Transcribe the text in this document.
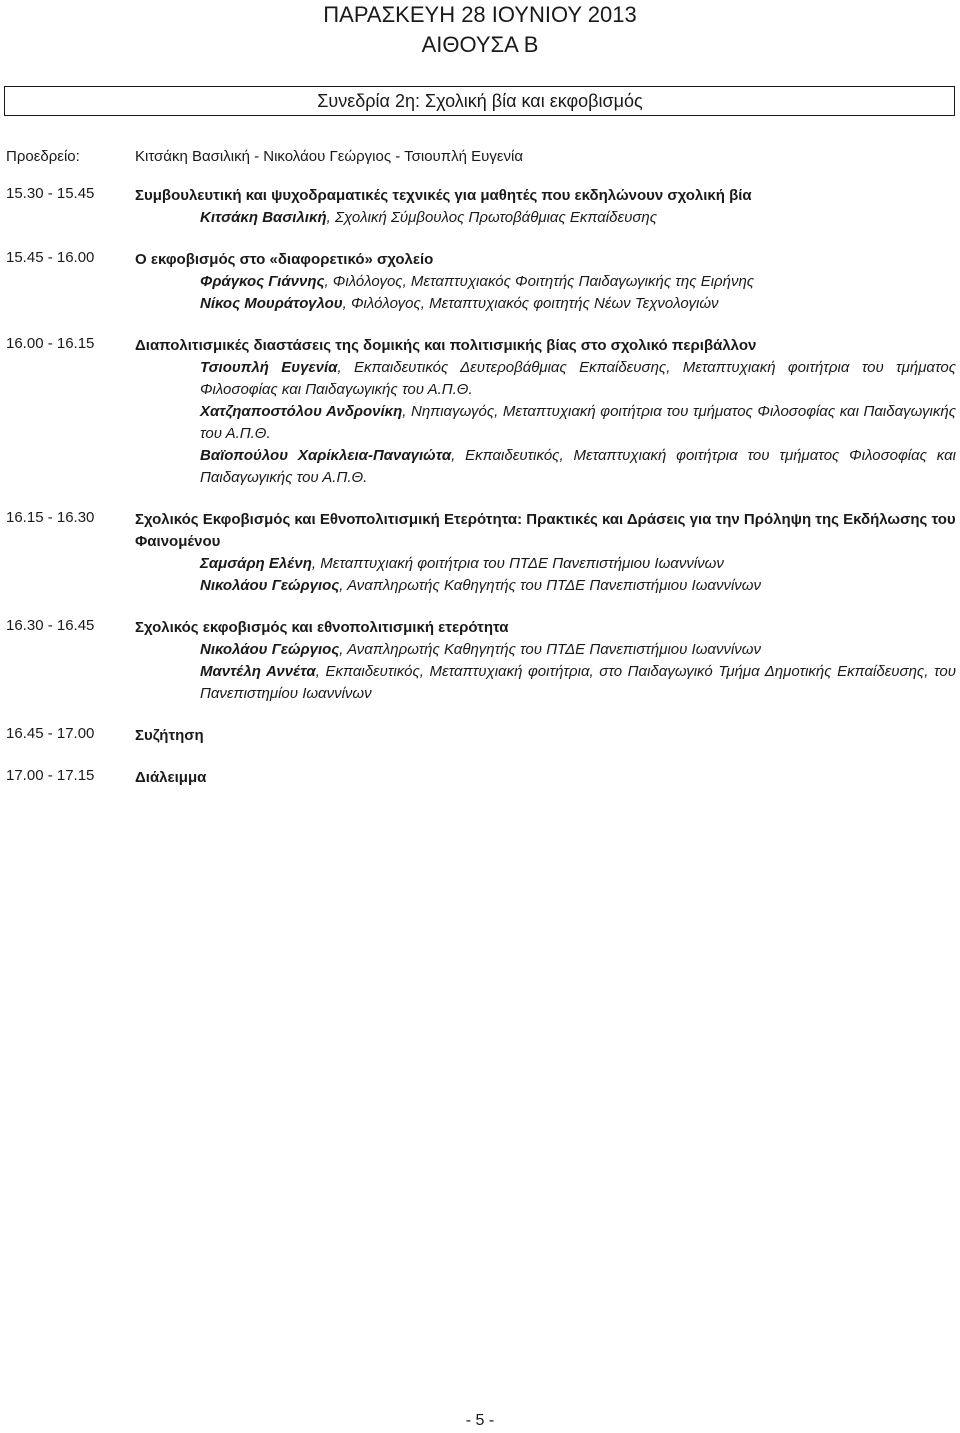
ΠΑΡΑΣΚΕΥΗ 28 ΙΟΥΝΙΟΥ 2013
ΑΙΘΟΥΣΑ Β
Συνεδρία 2η: Σχολική βία και εκφοβισμός
Προεδρείο:	Κιτσάκη Βασιλική - Νικολάου Γεώργιος - Τσιουπλή Ευγενία
15.30 - 15.45	Συμβουλευτική και ψυχοδραματικές τεχνικές για μαθητές που εκδηλώνουν σχολική βία
Κιτσάκη Βασιλική, Σχολική Σύμβουλος Πρωτοβάθμιας Εκπαίδευσης
15.45 - 16.00	Ο εκφοβισμός στο «διαφορετικό» σχολείο
Φράγκος Γιάννης, Φιλόλογος, Μεταπτυχιακός Φοιτητής Παιδαγωγικής της Ειρήνης
Νίκος Μουράτογλου, Φιλόλογος, Μεταπτυχιακός φοιτητής Νέων Τεχνολογιών
16.00 - 16.15	Διαπολιτισμικές διαστάσεις της δομικής και πολιτισμικής βίας στο σχολικό περιβάλλον
Τσιουπλή Ευγενία, Εκπαιδευτικός Δευτεροβάθμιας Εκπαίδευσης, Μεταπτυχιακή φοιτήτρια του τμήματος Φιλοσοφίας και Παιδαγωγικής του Α.Π.Θ.
Χατζηαποστόλου Ανδρονίκη, Νηπιαγωγός, Μεταπτυχιακή φοιτήτρια του τμήματος Φιλοσοφίας και Παιδαγωγικής του Α.Π.Θ.
Βαϊοπούλου Χαρίκλεια-Παναγιώτα, Εκπαιδευτικός, Μεταπτυχιακή φοιτήτρια του τμήματος Φιλοσοφίας και Παιδαγωγικής του Α.Π.Θ.
16.15 - 16.30	Σχολικός Εκφοβισμός και Εθνοπολιτισμική Ετερότητα: Πρακτικές και Δράσεις για την Πρόληψη της Εκδήλωσης του Φαινομένου
Σαμσάρη Ελένη, Μεταπτυχιακή φοιτήτρια του ΠΤΔΕ Πανεπιστήμιου Ιωαννίνων
Νικολάου Γεώργιος, Αναπληρωτής Καθηγητής του ΠΤΔΕ Πανεπιστήμιου Ιωαννίνων
16.30 - 16.45	Σχολικός εκφοβισμός και εθνοπολιτισμική ετερότητα
Νικολάου Γεώργιος, Αναπληρωτής Καθηγητής του ΠΤΔΕ Πανεπιστήμιου Ιωαννίνων
Μαντέλη Αννέτα, Εκπαιδευτικός, Μεταπτυχιακή φοιτήτρια, στο Παιδαγωγικό Τμήμα Δημοτικής Εκπαίδευσης, του Πανεπιστημίου Ιωαννίνων
16.45 - 17.00	Συζήτηση
17.00 - 17.15	Διάλειμμα
- 5 -
